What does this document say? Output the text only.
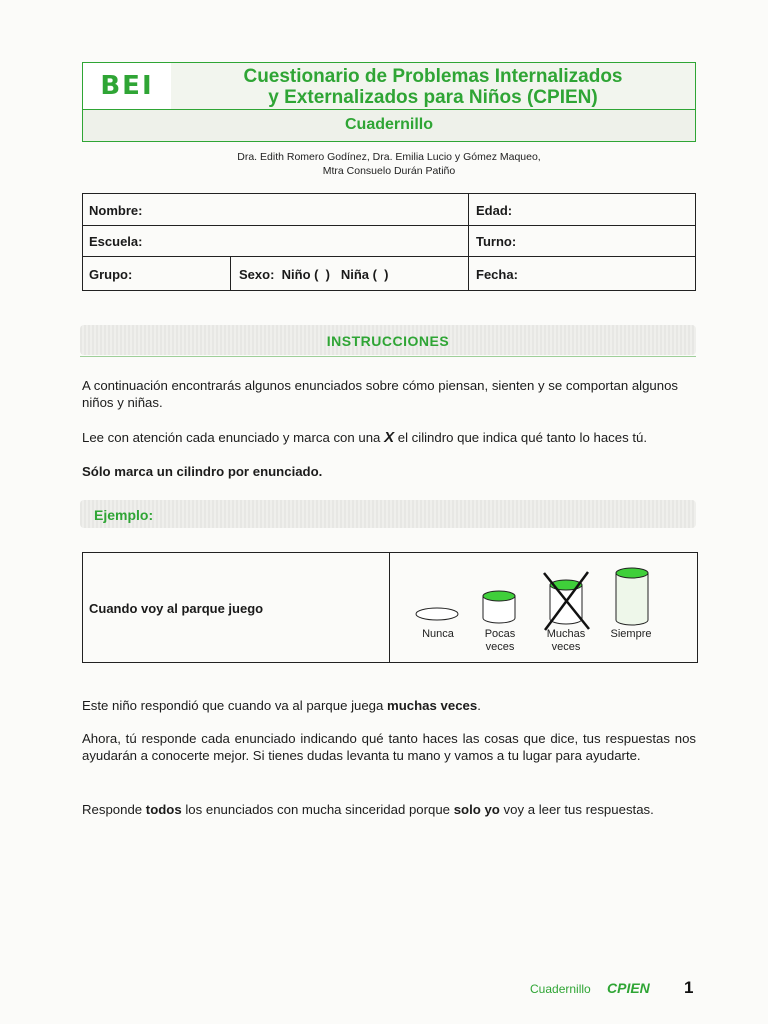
BEI	Cuestionario de Problemas Internalizados
y Externalizados para Niños (CPIEN)
Cuadernillo
Dra. Edith Romero Godínez, Dra. Emilia Lucio y Gómez Maqueo,
Mtra Consuelo Durán Patiño
Nombre:	Edad:
Escuela:	Turno:
Grupo:	Sexo:  Niño (  )   Niña (  )	Fecha:
INSTRUCCIONES
A continuación encontrarás algunos enunciados sobre cómo piensan, sienten y se comportan algunos niños y niñas.
Lee con atención cada enunciado y marca con una X el cilindro que indica qué tanto lo haces tú.
Sólo marca un cilindro por enunciado.
Ejemplo:
Cuando voy al parque juego
Nunca	Pocas
veces
Muchas
veces
Siempre
Este niño respondió que cuando va al parque juega muchas veces.
Ahora, tú responde cada enunciado indicando qué tanto haces las cosas que dice, tus respuestas nos ayudarán a conocerte mejor. Si tienes dudas levanta tu mano y vamos a tu lugar para ayudarte.
Responde todos los enunciados con mucha sinceridad porque solo yo voy a leer tus respuestas.
Cuadernillo CPIEN 1
